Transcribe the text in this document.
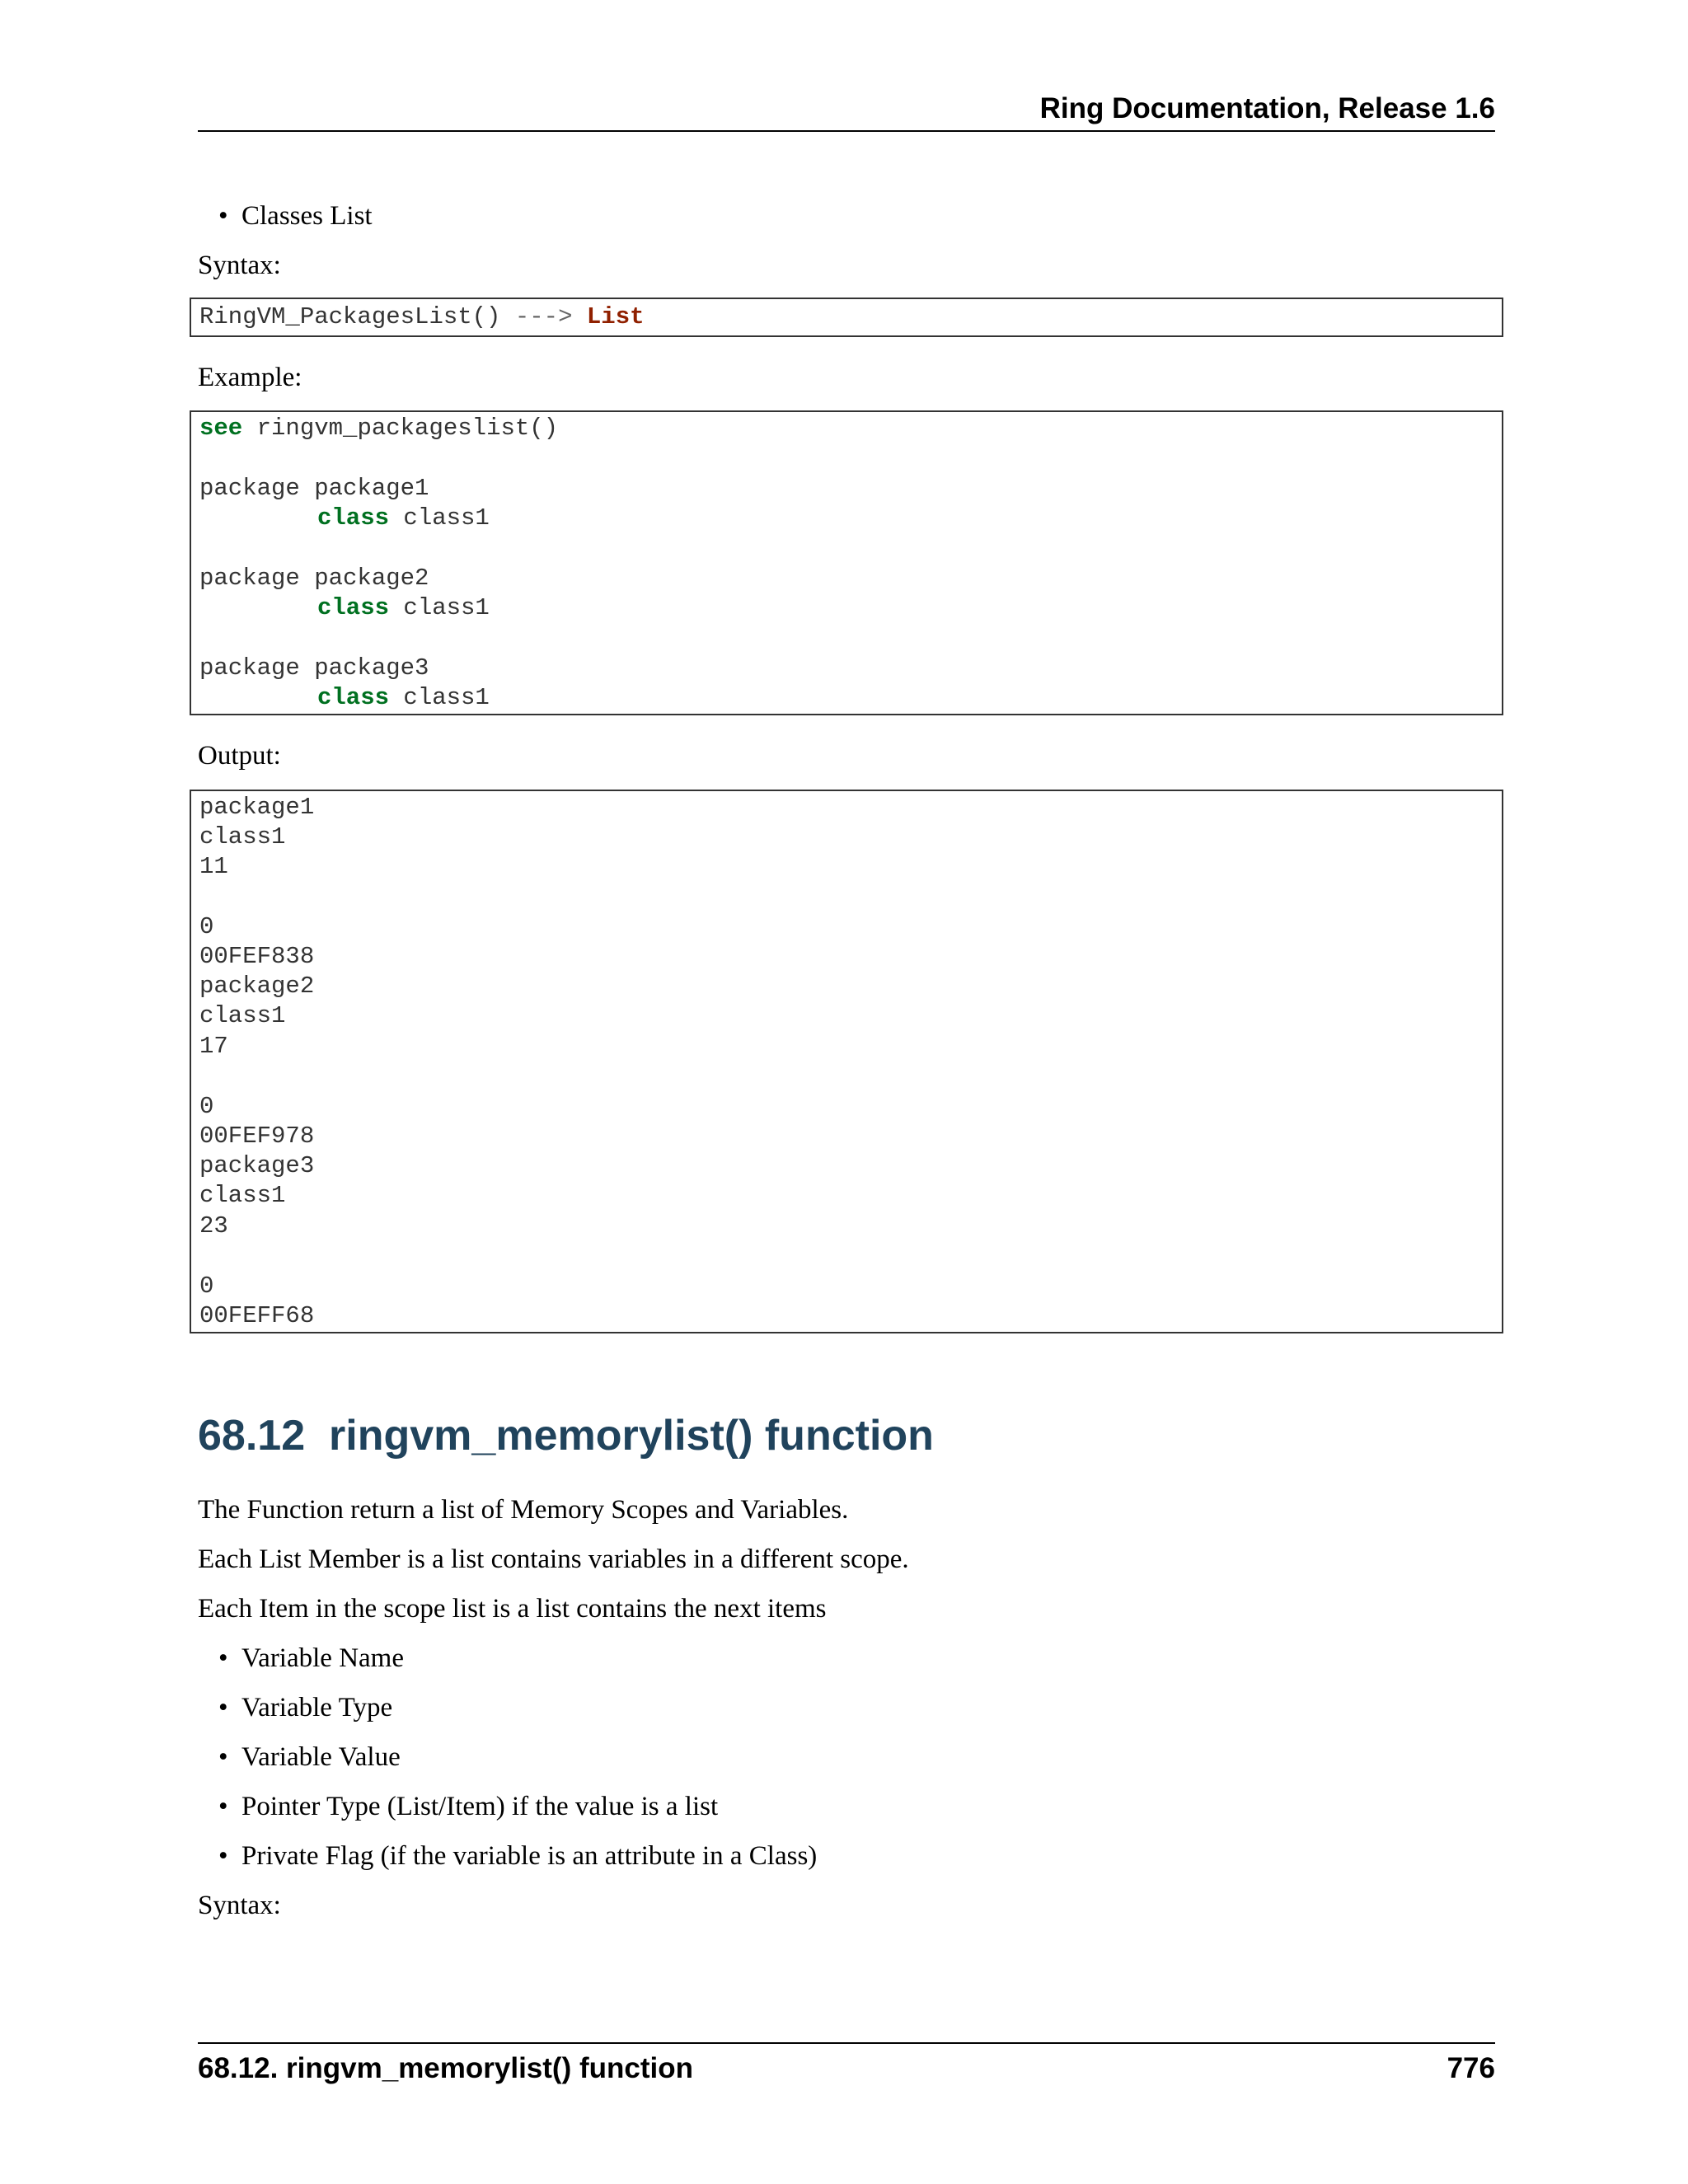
Ring Documentation, Release 1.6
• Classes List
Syntax:
RingVM_PackagesList() ---> List
Example:
see ringvm_packageslist()
package package1
class class1
package package2
class class1
package package3
class class1
Output:
package1
class1
11
0
00FEF838
package2
class1
17
0
00FEF978
package3
class1
23
0
00FEFF68
68.12 ringvm_memorylist() function
The Function return a list of Memory Scopes and Variables.
Each List Member is a list contains variables in a different scope.
Each Item in the scope list is a list contains the next items
• Variable Name
• Variable Type
• Variable Value
• Pointer Type (List/Item) if the value is a list
• Private Flag (if the variable is an attribute in a Class)
Syntax:
68.12. ringvm_memorylist() function	776
